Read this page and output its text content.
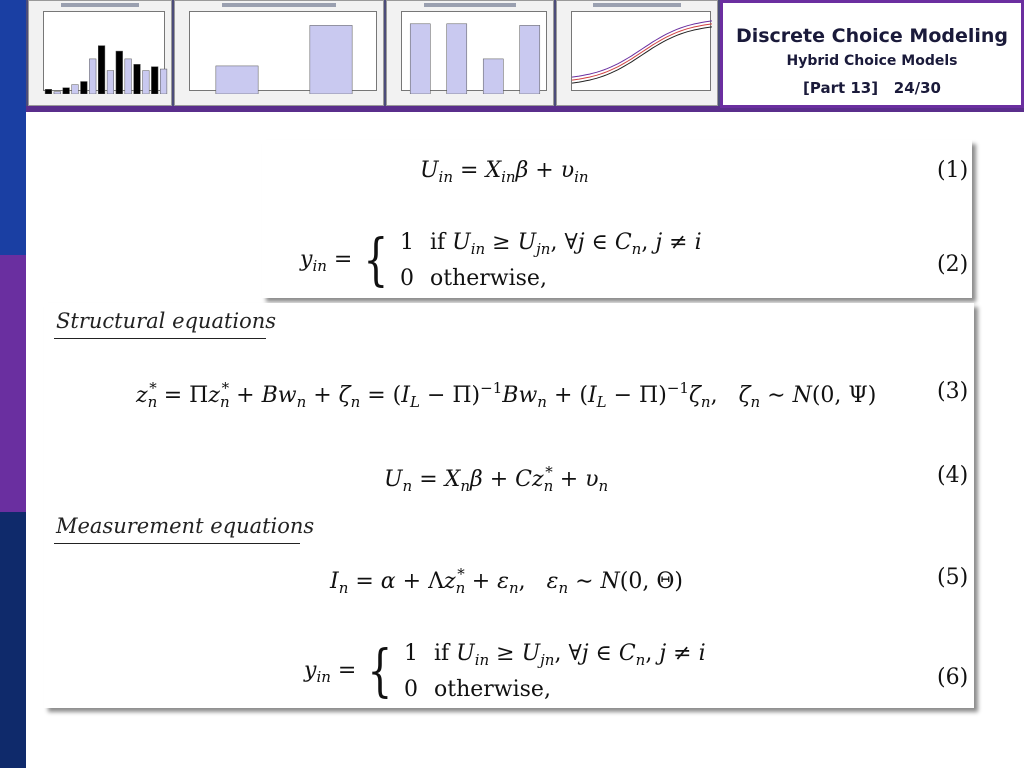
Discrete Choice Modeling
Hybrid Choice Models
[Part 13] 24/30
$U_{in} = X_{in}\beta + \upsilon_{in}$	(1)
$y_{in}$ = { 1 if $U_{in} \ge U_{jn}$, ∀j ∈ $C_n$, j ≠ i
0 otherwise,
(2)
Structural equations
$z_n^* = \Pi z_n^* + Bw_n + \zeta_n = (I_L - \Pi)^{-1}Bw_n + (I_L - \Pi)^{-1}\zeta_n$,   $\zeta_n$ ∼ N(0, Ψ)	(3)
$U_n = X_n\beta + Cz_n^* + \upsilon_n$	(4)
Measurement equations
$I_n = \alpha + \Lambda z_n^* + \varepsilon_n$,   $\varepsilon_n$ ∼ N(0, Θ)	(5)
$y_{in}$ = { 1 if $U_{in} \ge U_{jn}$, ∀j ∈ $C_n$, j ≠ i
0 otherwise,	(6)
